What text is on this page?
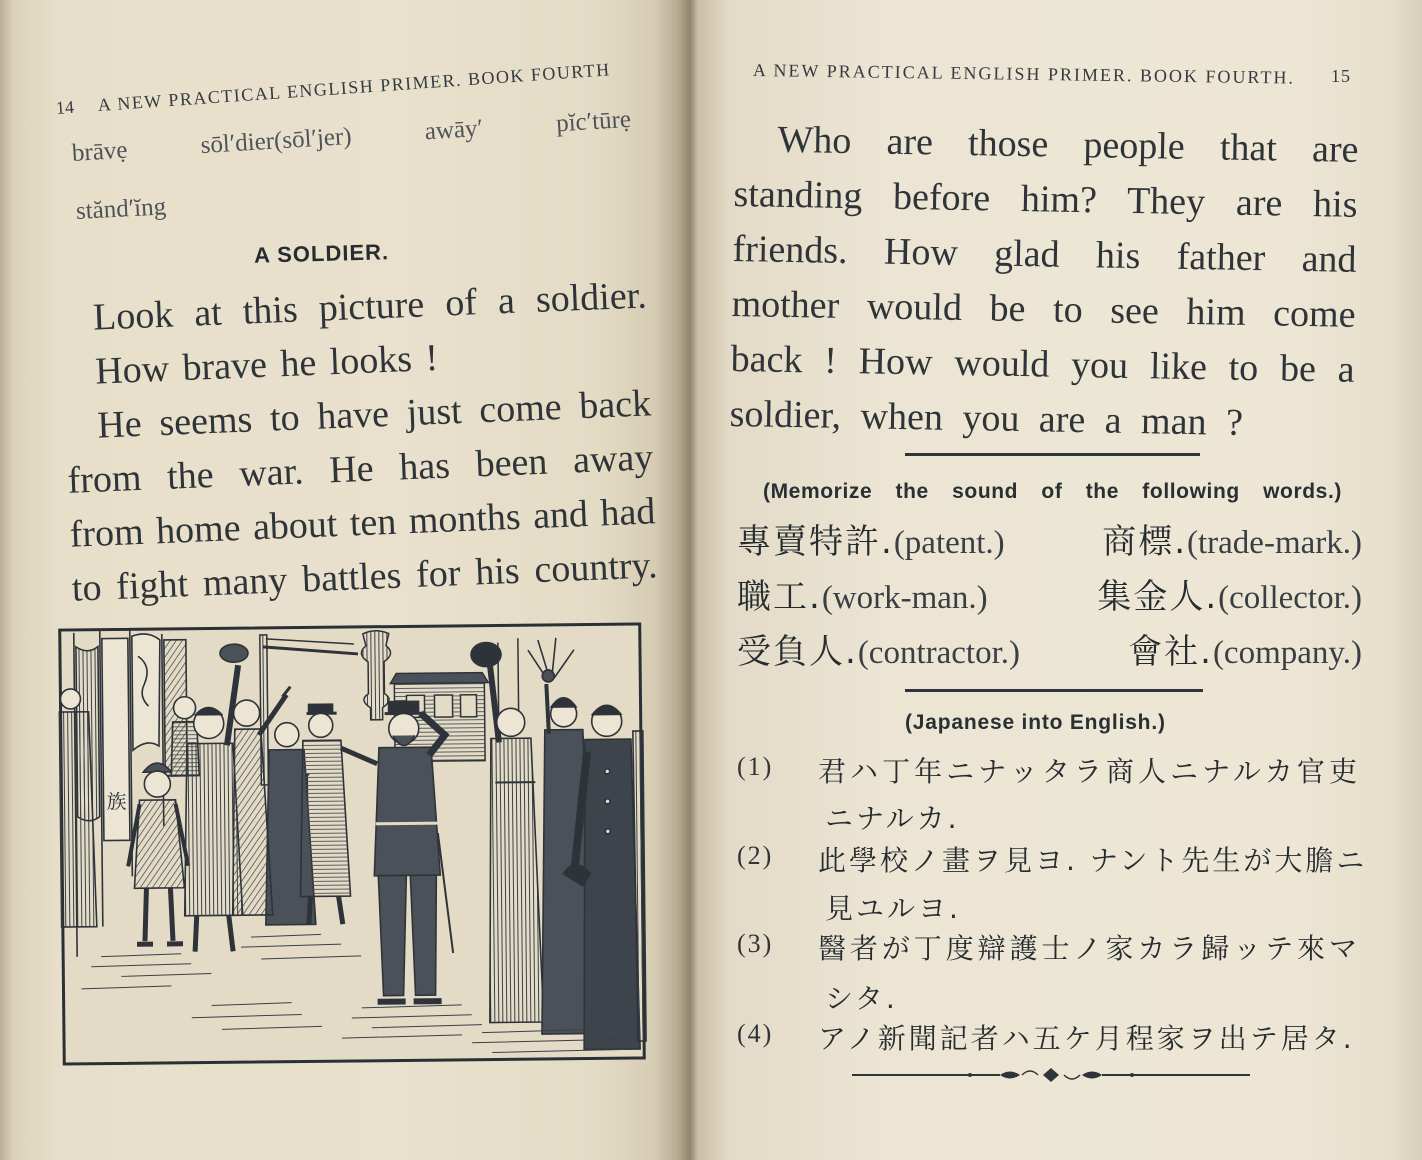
14 A NEW PRACTICAL ENGLISH PRIMER. BOOK FOURTH
brāvẹ sōl′dier(sōl′jer) awāy′ pĭc′tūrẹ
stănd′ĭng
A SOLDIER.
Look at this picture of a soldier.
How brave he looks !
He seems to have just come back
from the war. He has been away
from home about ten months and had
to fight many battles for his country.
族
A NEW PRACTICAL ENGLISH PRIMER. BOOK FOURTH. 15
Who are those people that are
standing before him? They are his
friends. How glad his father and
mother would be to see him come
back ! How would you like to be a
soldier, when you are a man ?
(Memorize the sound of the following words.)
專賣特許.(patent.)	商標.(trade-mark.)
職工.(work-man.)	集金人.(collector.)
受負人.(contractor.)	會社.(company.)
(Japanese into English.)
(1) 君ハ丁年ニナッタラ商人ニナルカ官吏
ニナルカ.
(2) 此學校ノ畫ヲ見ヨ. ナント先生が大膽ニ
見ユルヨ.
(3) 醫者が丁度辯護士ノ家カラ歸ッテ來マ
シタ.
(4) アノ新聞記者ハ五ケ月程家ヲ出テ居タ.
